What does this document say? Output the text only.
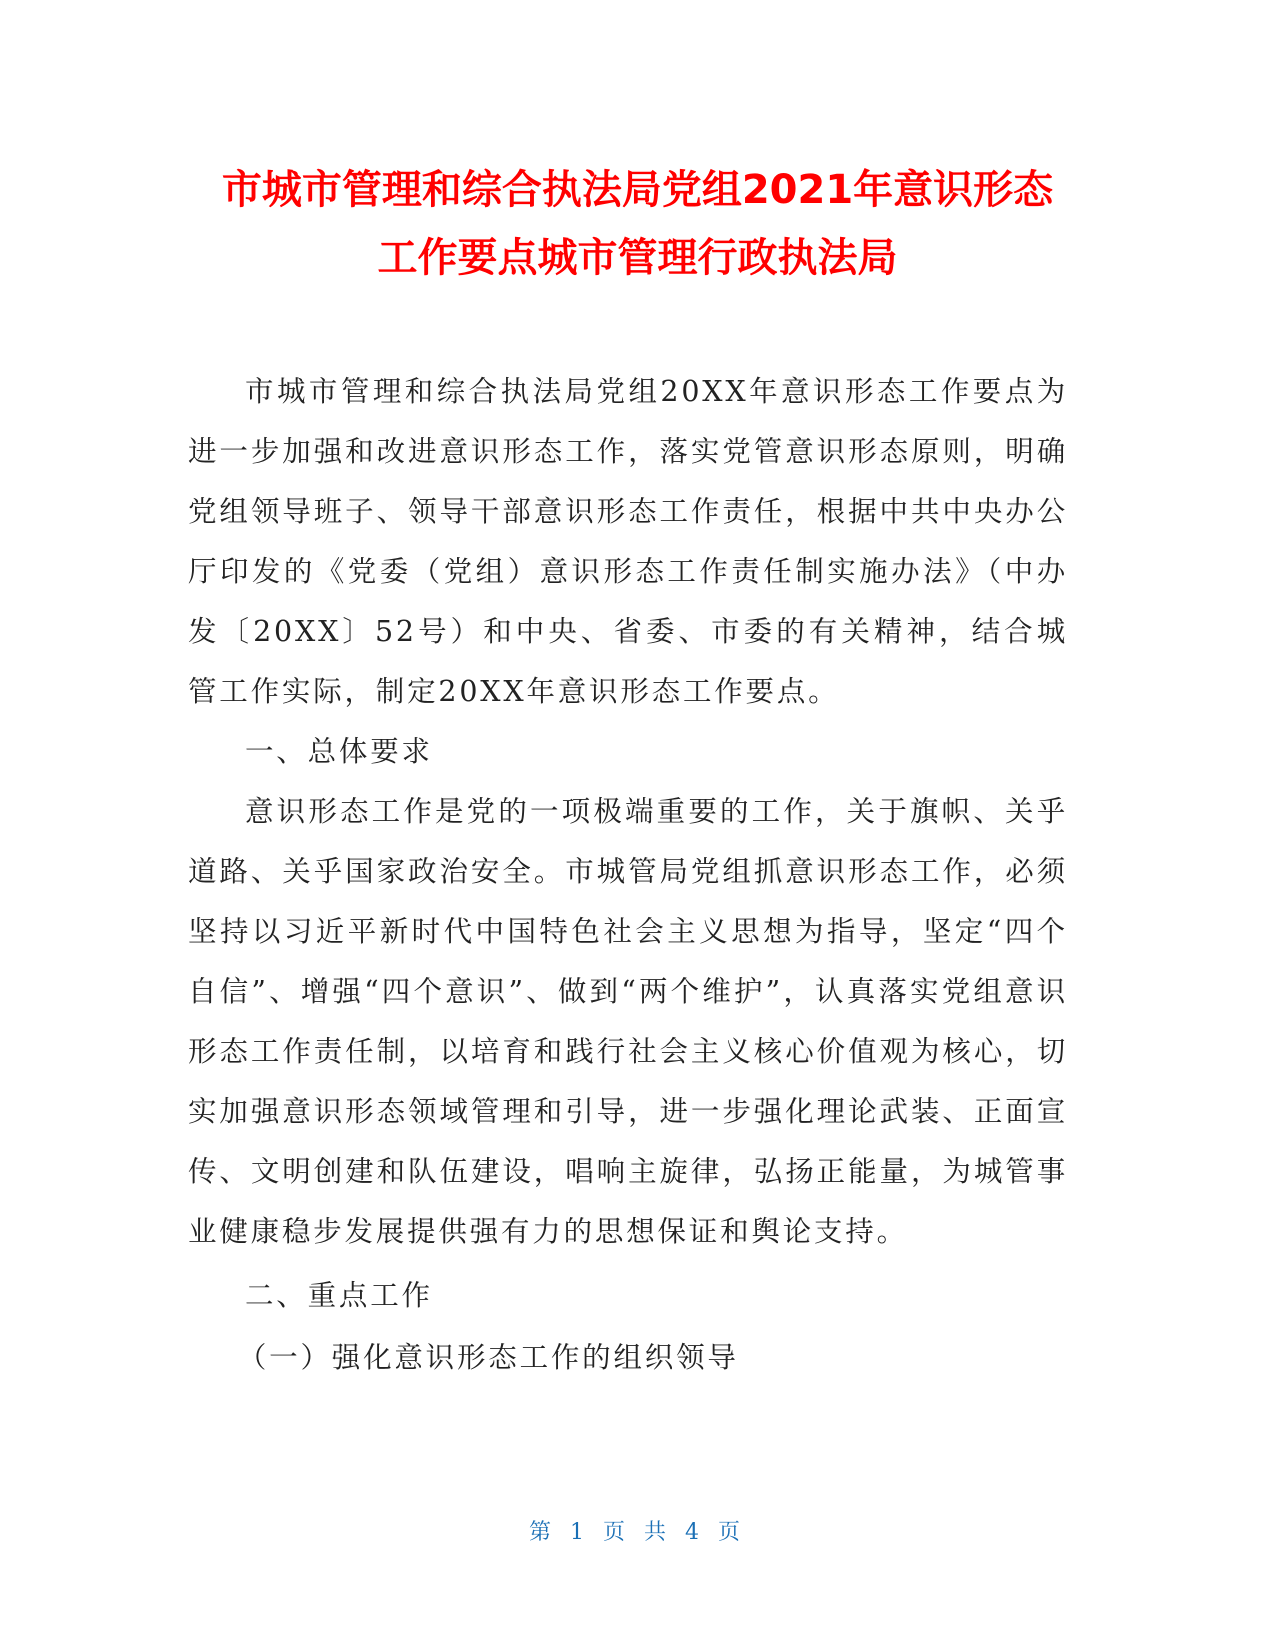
市城市管理和综合执法局党组2021年意识形态
工作要点城市管理行政执法局

市城市管理和综合执法局党组20XX年意识形态工作要点为进一步加强和改进意识形态工作，落实党管意识形态原则，明确党组领导班子、领导干部意识形态工作责任，根据中共中央办公厅印发的《党委（党组）意识形态工作责任制实施办法》（中办发〔20XX〕52号）和中央、省委、市委的有关精神，结合城管工作实际，制定20XX年意识形态工作要点。

一、总体要求

意识形态工作是党的一项极端重要的工作，关于旗帜、关乎道路、关乎国家政治安全。市城管局党组抓意识形态工作，必须坚持以习近平新时代中国特色社会主义思想为指导，坚定“四个自信”、增强“四个意识”、做到“两个维护”，认真落实党组意识形态工作责任制，以培育和践行社会主义核心价值观为核心，切实加强意识形态领域管理和引导，进一步强化理论武装、正面宣传、文明创建和队伍建设，唱响主旋律，弘扬正能量，为城管事业健康稳步发展提供强有力的思想保证和舆论支持。

二、重点工作

（一）强化意识形态工作的组织领导

第 1 页 共 4 页
